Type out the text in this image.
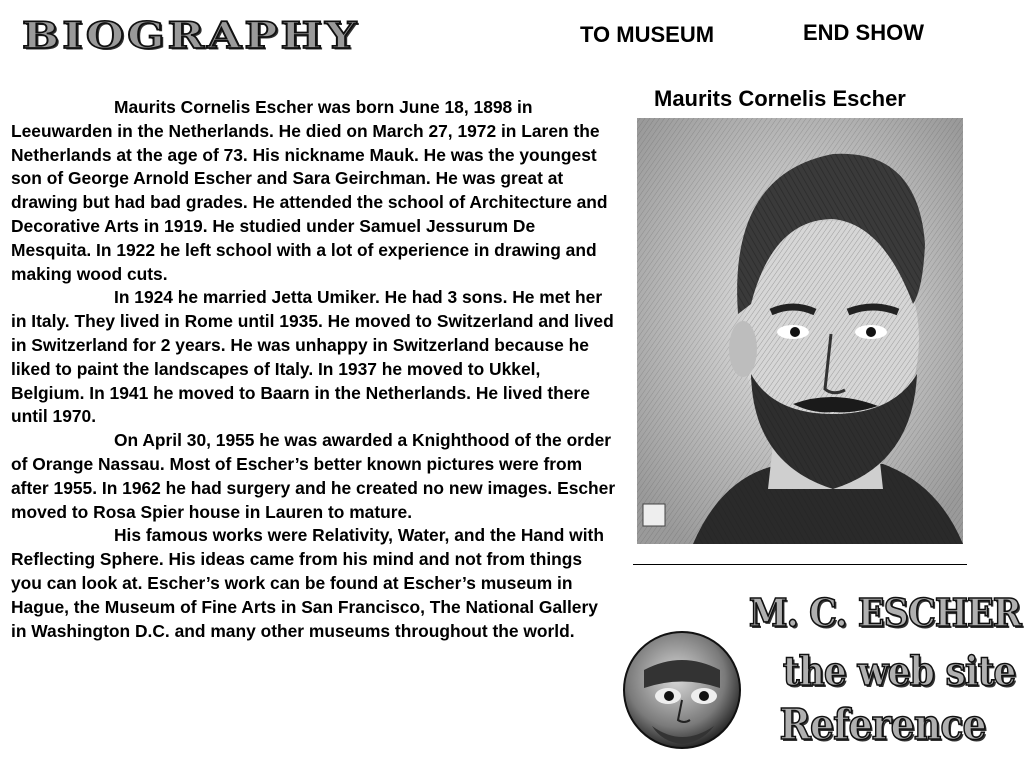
BIOGRAPHY	TO MUSEUM	END SHOW
Maurits Cornelis Escher

Maurits Cornelis Escher was born June 18, 1898 in Leeuwarden in the Netherlands. He died on March 27, 1972 in Laren the Netherlands at the age of 73. His nickname Mauk. He was the youngest son of George Arnold Escher and Sara Geirchman. He was great at drawing but had bad grades. He attended the school of Architecture and Decorative Arts in 1919. He studied under Samuel Jessurum De Mesquita. In 1922 he left school with a lot of experience in drawing and making wood cuts.

In 1924 he married Jetta Umiker. He had 3 sons. He met her in Italy. They lived in Rome until 1935. He moved to Switzerland and lived in Switzerland for 2 years. He was unhappy in Switzerland because he liked to paint the landscapes of Italy. In 1937 he moved to Ukkel, Belgium. In 1941 he moved to Baarn in the Netherlands. He lived there until 1970.

On April 30, 1955 he was awarded a Knighthood of the order of Orange Nassau. Most of Escher’s better known pictures were from after 1955. In 1962 he had surgery and he created no new images. Escher moved to Rosa Spier house in Lauren to mature.

His famous works were Relativity, Water, and the Hand with Reflecting Sphere. His ideas came from his mind and not from things you can look at. Escher’s work can be found at Escher’s museum in Hague, the Museum of Fine Arts in San Francisco, The National Gallery in Washington D.C. and many other museums throughout the world.	M. C. ESCHER
the web site
Reference
